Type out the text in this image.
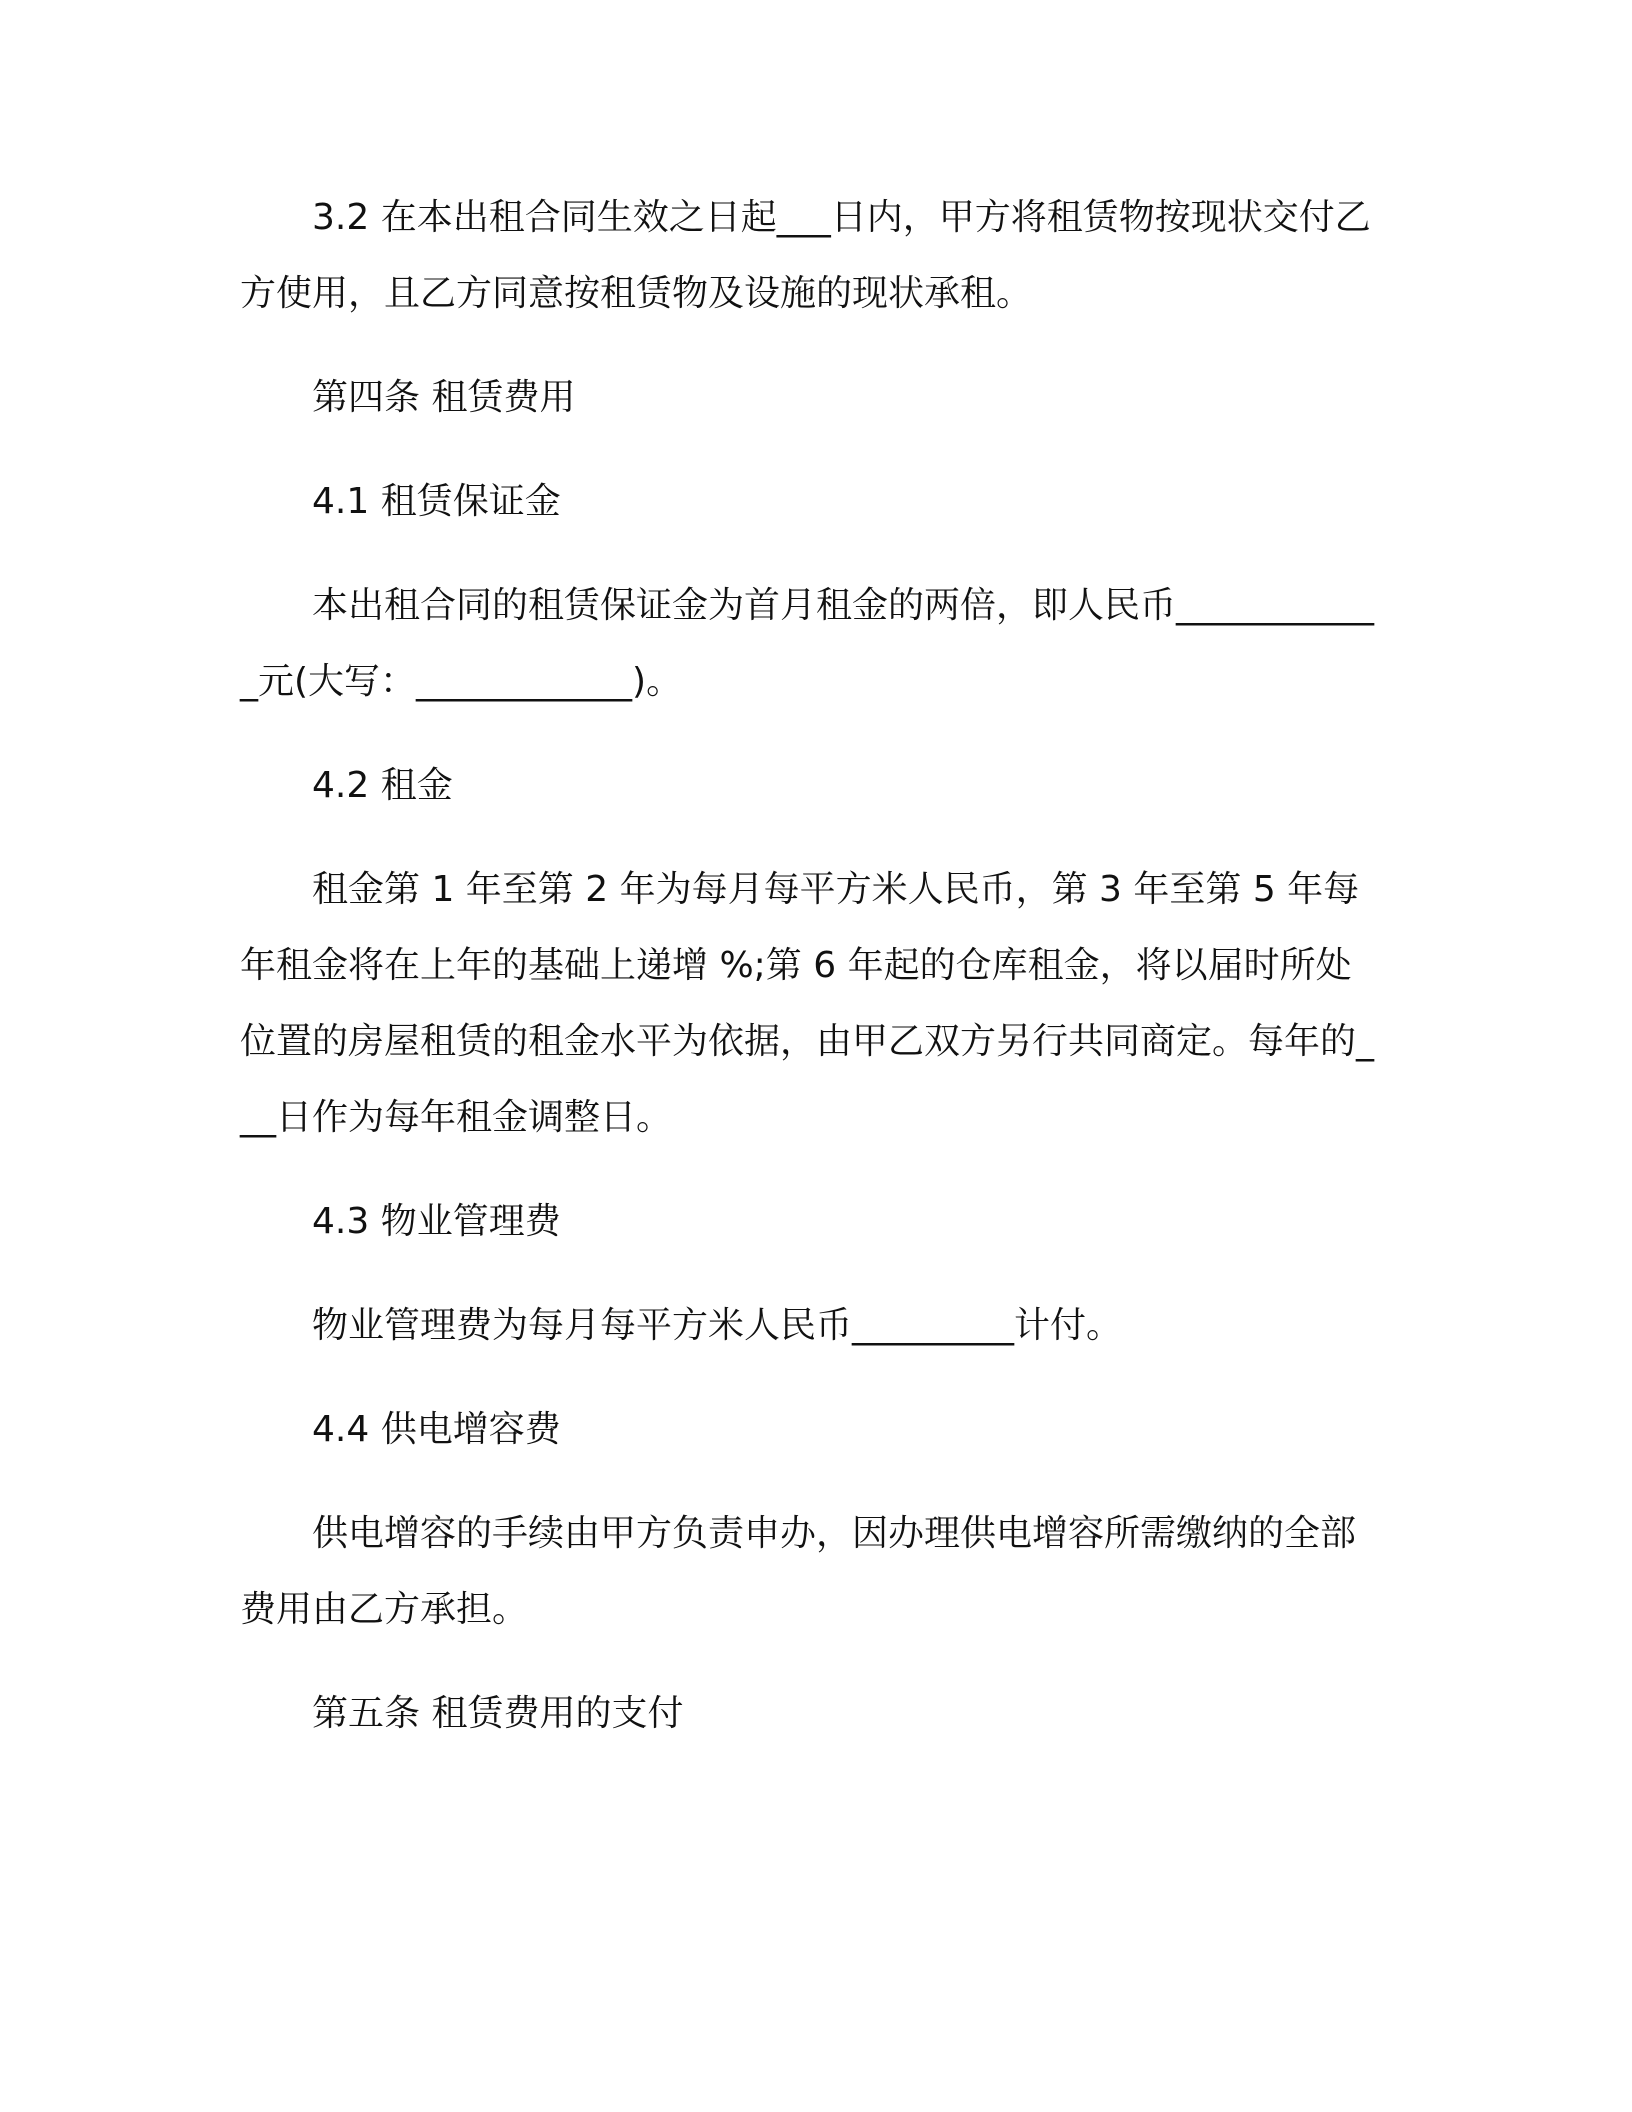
3.2 在本出租合同生效之日起___日内，甲方将租赁物按现状交付乙方使用，且乙方同意按租赁物及设施的现状承租。

第四条 租赁费用

4.1 租赁保证金

本出租合同的租赁保证金为首月租金的两倍，即人民币____________元(大写：____________)。

4.2 租金

租金第 1 年至第 2 年为每月每平方米人民币，第 3 年至第 5 年每年租金将在上年的基础上递增 %;第 6 年起的仓库租金，将以届时所处位置的房屋租赁的租金水平为依据，由甲乙双方另行共同商定。每年的___日作为每年租金调整日。

4.3 物业管理费

物业管理费为每月每平方米人民币_________计付。

4.4 供电增容费

供电增容的手续由甲方负责申办，因办理供电增容所需缴纳的全部费用由乙方承担。

第五条 租赁费用的支付
